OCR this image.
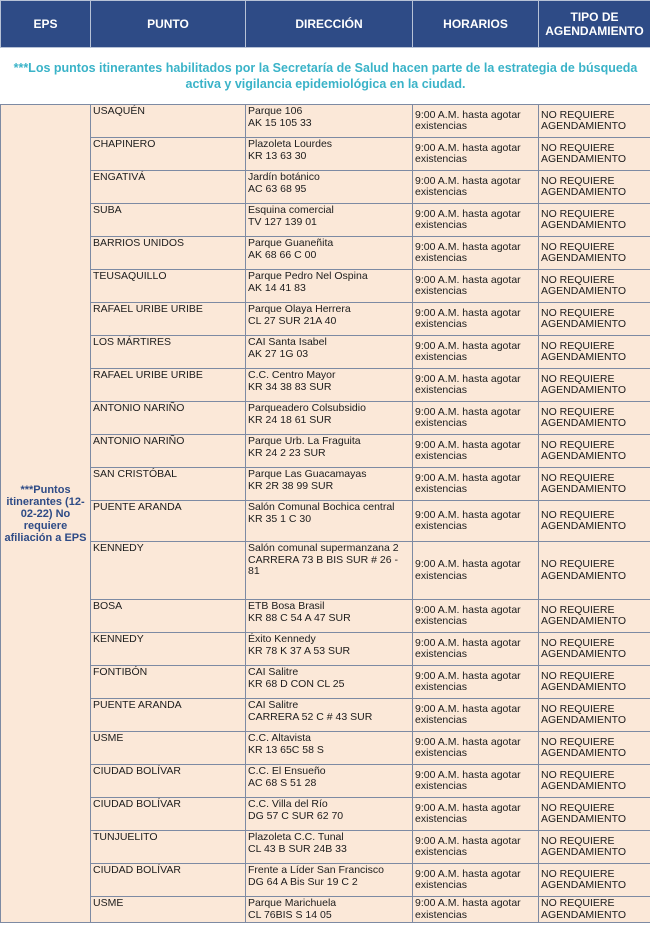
EPS	PUNTO	DIRECCIÓN	HORARIOS	TIPO DE AGENDAMIENTO
***Los puntos itinerantes habilitados por la Secretaría de Salud hacen parte de la estrategia de búsqueda activa y vigilancia epidemiológica en la ciudad.				
***Puntos itinerantes (12-02-22) No requiere afiliación a EPS	USAQUÉN	Parque 106
AK 15 105 33	9:00 A.M. hasta agotar existencias	NO REQUIERE AGENDAMIENTO
	CHAPINERO	Plazoleta Lourdes
KR 13 63 30	9:00 A.M. hasta agotar existencias	NO REQUIERE AGENDAMIENTO
	ENGATIVÁ	Jardín botánico
AC 63 68 95	9:00 A.M. hasta agotar existencias	NO REQUIERE AGENDAMIENTO
	SUBA	Esquina comercial
TV 127 139 01	9:00 A.M. hasta agotar existencias	NO REQUIERE AGENDAMIENTO
	BARRIOS UNIDOS	Parque Guaneñita
AK 68 66 C 00	9:00 A.M. hasta agotar existencias	NO REQUIERE AGENDAMIENTO
	TEUSAQUILLO	Parque Pedro Nel Ospina
AK 14 41 83	9:00 A.M. hasta agotar existencias	NO REQUIERE AGENDAMIENTO
	RAFAEL URIBE URIBE	Parque Olaya Herrera
CL 27 SUR 21A 40	9:00 A.M. hasta agotar existencias	NO REQUIERE AGENDAMIENTO
	LOS MÁRTIRES	CAI Santa Isabel
AK 27 1G 03	9:00 A.M. hasta agotar existencias	NO REQUIERE AGENDAMIENTO
	RAFAEL URIBE URIBE	C.C. Centro Mayor
KR 34 38 83 SUR	9:00 A.M. hasta agotar existencias	NO REQUIERE AGENDAMIENTO
	ANTONIO NARIÑO	Parqueadero Colsubsidio
KR 24 18 61 SUR	9:00 A.M. hasta agotar existencias	NO REQUIERE AGENDAMIENTO
	ANTONIO NARIÑO	Parque Urb. La Fraguita
KR 24 2 23 SUR	9:00 A.M. hasta agotar existencias	NO REQUIERE AGENDAMIENTO
	SAN CRISTÓBAL	Parque Las Guacamayas
KR 2R 38 99 SUR	9:00 A.M. hasta agotar existencias	NO REQUIERE AGENDAMIENTO
	PUENTE ARANDA	Salón Comunal Bochica central
KR 35 1 C 30	9:00 A.M. hasta agotar existencias	NO REQUIERE AGENDAMIENTO
	KENNEDY	Salón comunal supermanzana 2
CARRERA 73 B BIS SUR # 26 - 81	9:00 A.M. hasta agotar existencias	NO REQUIERE AGENDAMIENTO
	BOSA	ETB Bosa Brasil
KR 88 C 54 A 47 SUR	9:00 A.M. hasta agotar existencias	NO REQUIERE AGENDAMIENTO
	KENNEDY	Éxito Kennedy
KR 78 K 37 A 53 SUR	9:00 A.M. hasta agotar existencias	NO REQUIERE AGENDAMIENTO
	FONTIBÓN	CAI Salitre
KR 68 D CON CL 25	9:00 A.M. hasta agotar existencias	NO REQUIERE AGENDAMIENTO
	PUENTE ARANDA	CAI Salitre
CARRERA 52 C # 43 SUR	9:00 A.M. hasta agotar existencias	NO REQUIERE AGENDAMIENTO
	USME	C.C. Altavista
KR 13 65C 58 S	9:00 A.M. hasta agotar existencias	NO REQUIERE AGENDAMIENTO
	CIUDAD BOLÍVAR	C.C. El Ensueño
AC 68 S 51 28	9:00 A.M. hasta agotar existencias	NO REQUIERE AGENDAMIENTO
	CIUDAD BOLÍVAR	C.C. Villa del Río
DG 57 C SUR 62 70	9:00 A.M. hasta agotar existencias	NO REQUIERE AGENDAMIENTO
	TUNJUELITO	Plazoleta C.C. Tunal
CL 43 B SUR 24B 33	9:00 A.M. hasta agotar existencias	NO REQUIERE AGENDAMIENTO
	CIUDAD BOLÍVAR	Frente a Líder San Francisco
DG 64 A Bis Sur 19 C 2	9:00 A.M. hasta agotar existencias	NO REQUIERE AGENDAMIENTO
	USME	Parque Marichuela
CL 76BIS S 14 05	9:00 A.M. hasta agotar existencias	NO REQUIERE AGENDAMIENTO
